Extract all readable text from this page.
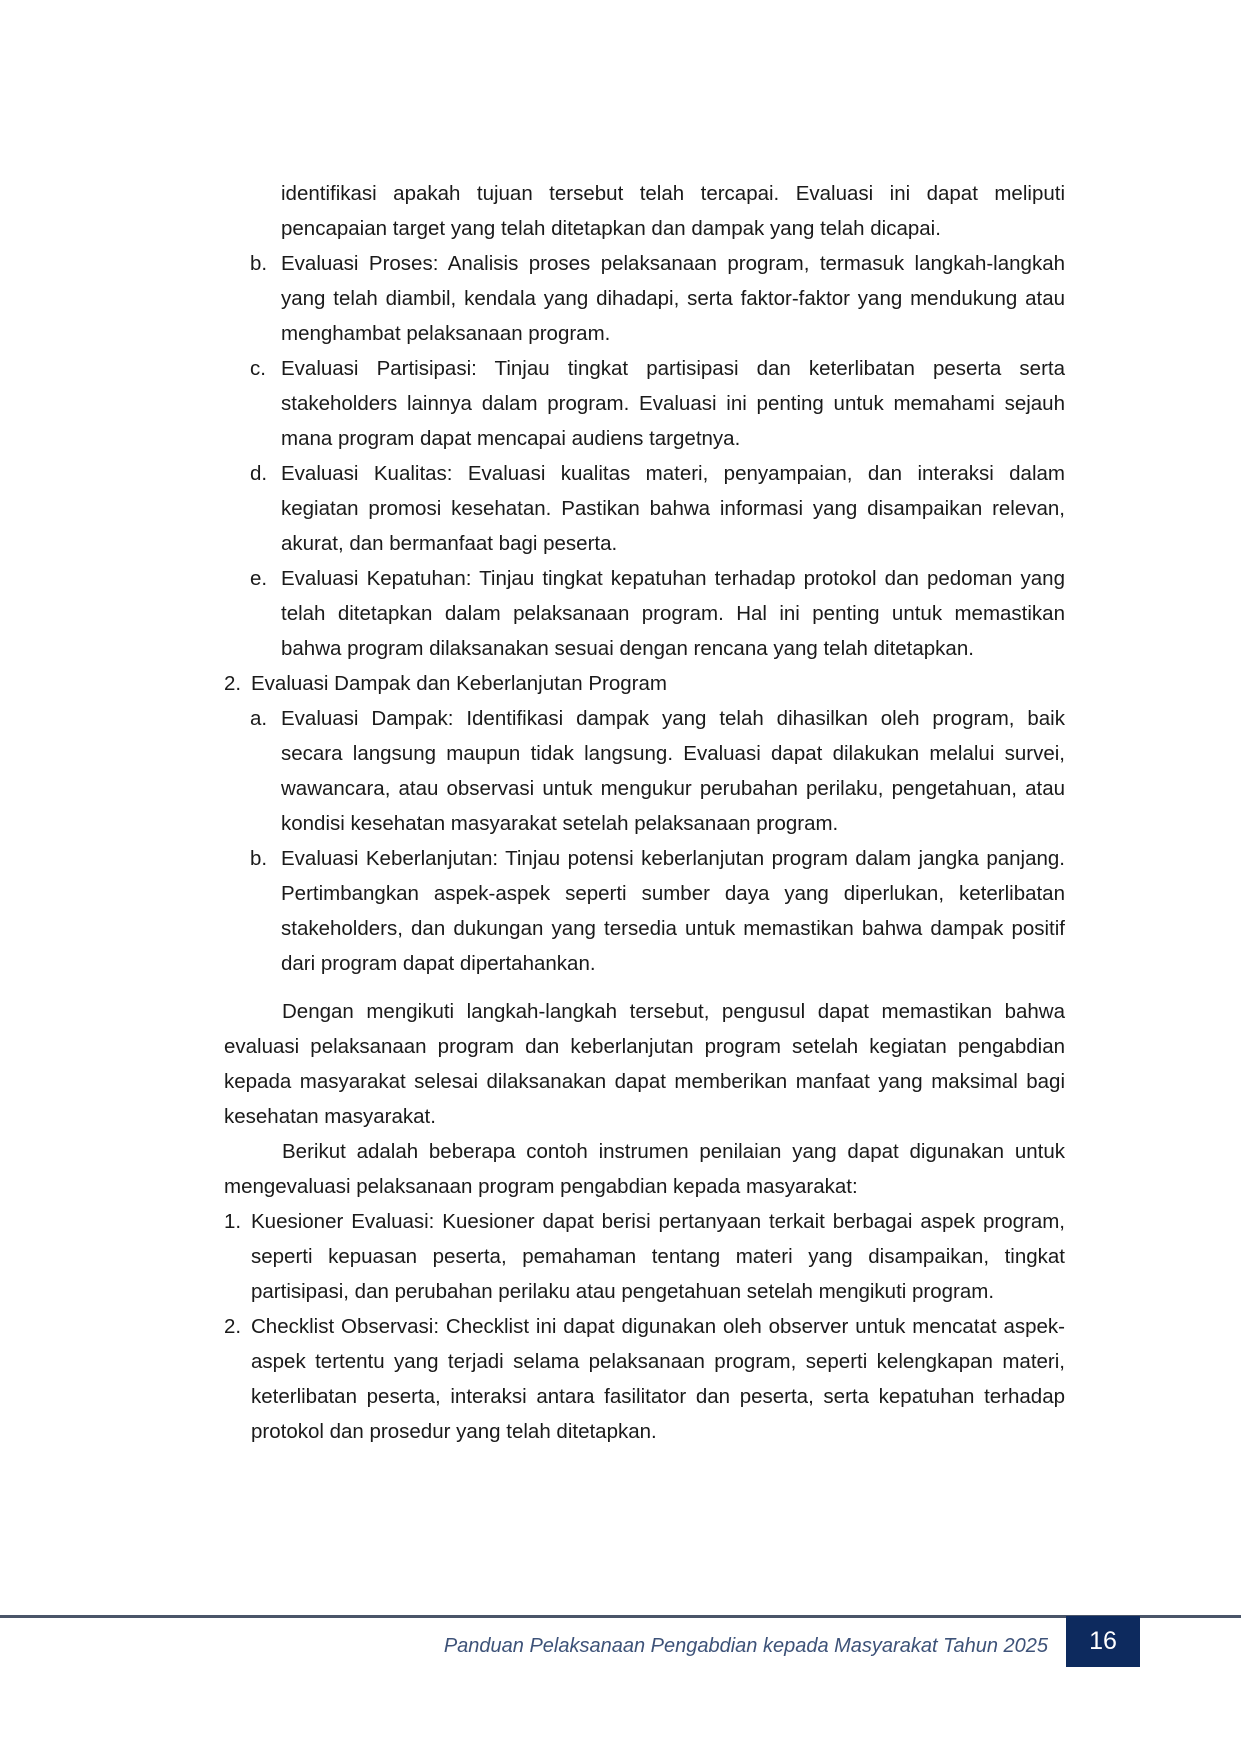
identifikasi apakah tujuan tersebut telah tercapai. Evaluasi ini dapat meliputi pencapaian target yang telah ditetapkan dan dampak yang telah dicapai.
b. Evaluasi Proses: Analisis proses pelaksanaan program, termasuk langkah-langkah yang telah diambil, kendala yang dihadapi, serta faktor-faktor yang mendukung atau menghambat pelaksanaan program.
c. Evaluasi Partisipasi: Tinjau tingkat partisipasi dan keterlibatan peserta serta stakeholders lainnya dalam program. Evaluasi ini penting untuk memahami sejauh mana program dapat mencapai audiens targetnya.
d. Evaluasi Kualitas: Evaluasi kualitas materi, penyampaian, dan interaksi dalam kegiatan promosi kesehatan. Pastikan bahwa informasi yang disampaikan relevan, akurat, dan bermanfaat bagi peserta.
e. Evaluasi Kepatuhan: Tinjau tingkat kepatuhan terhadap protokol dan pedoman yang telah ditetapkan dalam pelaksanaan program. Hal ini penting untuk memastikan bahwa program dilaksanakan sesuai dengan rencana yang telah ditetapkan.
2. Evaluasi Dampak dan Keberlanjutan Program
a. Evaluasi Dampak: Identifikasi dampak yang telah dihasilkan oleh program, baik secara langsung maupun tidak langsung. Evaluasi dapat dilakukan melalui survei, wawancara, atau observasi untuk mengukur perubahan perilaku, pengetahuan, atau kondisi kesehatan masyarakat setelah pelaksanaan program.
b. Evaluasi Keberlanjutan: Tinjau potensi keberlanjutan program dalam jangka panjang. Pertimbangkan aspek-aspek seperti sumber daya yang diperlukan, keterlibatan stakeholders, dan dukungan yang tersedia untuk memastikan bahwa dampak positif dari program dapat dipertahankan.

Dengan mengikuti langkah-langkah tersebut, pengusul dapat memastikan bahwa evaluasi pelaksanaan program dan keberlanjutan program setelah kegiatan pengabdian kepada masyarakat selesai dilaksanakan dapat memberikan manfaat yang maksimal bagi kesehatan masyarakat.

Berikut adalah beberapa contoh instrumen penilaian yang dapat digunakan untuk mengevaluasi pelaksanaan program pengabdian kepada masyarakat:

1. Kuesioner Evaluasi: Kuesioner dapat berisi pertanyaan terkait berbagai aspek program, seperti kepuasan peserta, pemahaman tentang materi yang disampaikan, tingkat partisipasi, dan perubahan perilaku atau pengetahuan setelah mengikuti program.
2. Checklist Observasi: Checklist ini dapat digunakan oleh observer untuk mencatat aspek-aspek tertentu yang terjadi selama pelaksanaan program, seperti kelengkapan materi, keterlibatan peserta, interaksi antara fasilitator dan peserta, serta kepatuhan terhadap protokol dan prosedur yang telah ditetapkan.
Panduan Pelaksanaan Pengabdian kepada Masyarakat Tahun 2025	16
